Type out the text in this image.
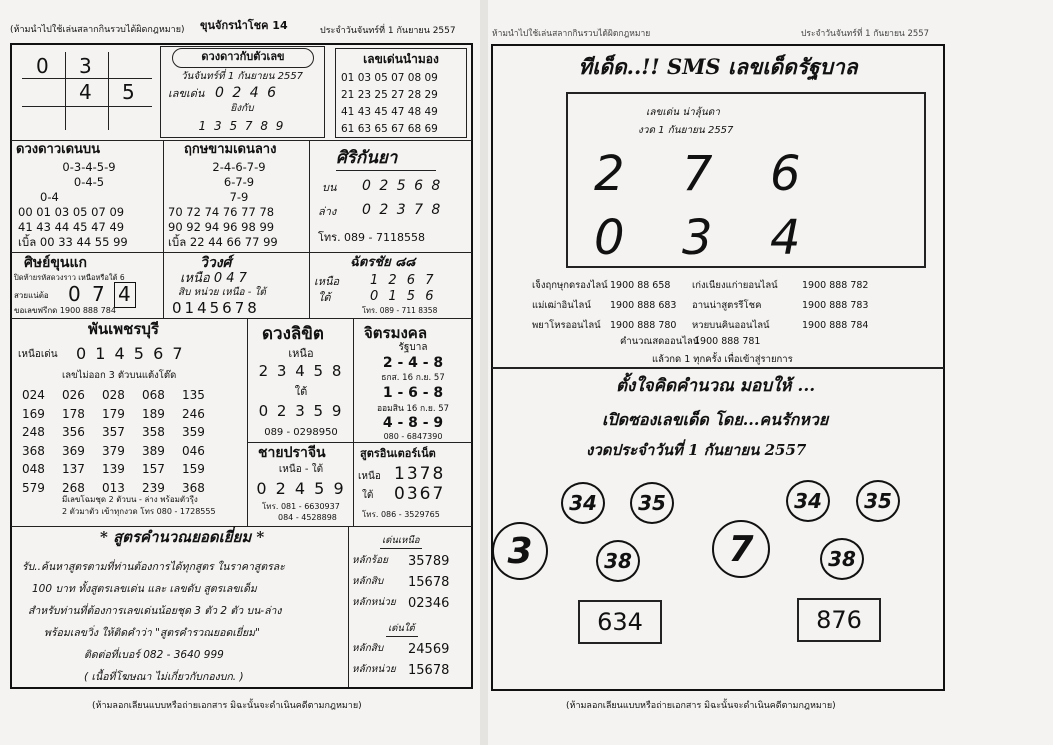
(ห้ามนำไปใช้เล่นสลากกินรวบได้ผิดกฎหมาย) ขุนจักรนำโชค 14	ประจำวันจันทร์ที่ 1 กันยายน 2557
0 3
4 5
ดวงดาวกับตัวเลข
วันจันทร์ที่ 1 กันยายน 2557
เลขเด่น 0 2 4 6
ยิงกับ
1 3 5 7 8 9
เลขเด่นนำมอง
01 03 05 07 08 09
21 23 25 27 28 29
41 43 45 47 48 49
61 63 65 67 68 69
ดวงดาวเดนบน
0-3-4-5-9
0-4-5
0-4
00 01 03 05 07 09
41 43 44 45 47 49
เบิ้ล 00 33 44 55 99
ฤกษขามเดนลาง
2-4-6-7-9
6-7-9
7-9
70 72 74 76 77 78
90 92 94 96 98 99
เบิ้ล 22 44 66 77 99
ศิริกันยา
บน 0 2 5 6 8
ล่าง 0 2 3 7 8
โทร. 089 - 7118558
ศิษย์ขุนแก
ปิดท้ายรหัสดวงราว เหนือหรือใต้ 6
สวยแน่ต้อ 0 7 4
ขอเลขฟรีกด 1900 888 784
วิวงศ์
เหนือ 0 4 7
สิบ หน่วย เหนือ - ใต้
0145678
ฉัตรชัย ๘๘
เหนือ 1 2 6 7
ใต้	0 1 5 6
โทร. 089 - 711 8358
พันเพชรบุรี
เหนือเด่น 0 1 4 5 6 7
เลขไม่ออก 3 ตัวบนแต้งโต๊ด
024	026	028	068	135
169	178	179	189	246
248	356	357	358	359
368	369	379	389	046
048	137	139	157	159
579	268	013	239	368
มีเลขโฉมชุด 2 ตัวบน - ล่าง พร้อมตัวรีุ่ง
2 ตัวมาตัว เข้าทุกงวด โทร 080 - 1728555
ดวงลิขิต
เหนือ
2 3 4 5 8
ใต้
0 2 3 5 9
089 - 0298950
จิตรมงคล
รัฐบาล
2 - 4 - 8
ธกส. 16 ก.ย. 57
1 - 6 - 8
ออมสิน 16 ก.ย. 57
4 - 8 - 9
080 - 6847390
ชายปราจีน
เหนือ - ใต้
0 2 4 5 9
โทร. 081 - 6630937
084 - 4528898
สูตรอินเตอร์เน็ต
เหนือ 1378
ใต้ 0367
โทร. 086 - 3529765
* สูตรคำนวณยอดเยี่ยม *
รับ..ค้นหาสูตรตามที่ท่านต้องการได้ทุกสูตร ในราคาสูตรละ
100 บาท ทั้งสูตรเลขเด่น และ เลขดับ สูตรเลขเด็ม
สำหรับท่านที่ต้องการเลขเด่นน้อยชุด 3 ตัว 2 ตัว บน-ล่าง
พร้อมเลขวิ่ง ให้ติดคำว่า "สูตรคำรวณยอดเยี่ยม"
ติดต่อที่เบอร์ 082 - 3640 999
( เนื้อที่โฆษณา ไม่เกี่ยวกับกองบก. )
เด่นเหนือ
หลักร้อย 35789
หลักสิบ 15678
หลักหน่วย 02346
เด่นใต้
หลักสิบ 24569
หลักหน่วย 15678
(ห้ามลอกเลียนแบบหรือถ่ายเอกสาร มิฉะนั้นจะดำเนินคดีตามกฎหมาย)
ห้ามนำไปใช้เล่นสลากกินรวบได้ผิดกฎหมาย	ประจำวันจันทร์ที่ 1 กันยายน 2557
ทีเด็ด..!! SMS เลขเด็ดรัฐบาล
เลขเด่น น่าลุ้นดา
งวด 1 กันยายน 2557
2 7 6
0 3 4
เจ็งฤกษุกดรองไลน์ 1900 88 658	เก่งเนียงแก่ายอนไลน์	1900 888 782
แม่เฒ่าอินไลน์	1900 888 683	อานน่าสูตรรีโชค	1900 888 783
พยาโหรออนไลน์ 1900 888 780	หวยบนคินออนไลน์	1900 888 784
คำนวณสดออนไลน์
1900 888 781
แล้วกด 1 ทุกครั้ง เพื่อเข้าสู่รายการ
ตั้งใจคิดคำนวณ มอบให้ ...
เปิดซองเลขเด็ด โดย...คนรักหวย
งวดประจำวันที่ 1 กันยายน 2557
3
34	35
38	7
34	35
38
634	876
(ห้ามลอกเลียนแบบหรือถ่ายเอกสาร มิฉะนั้นจะดำเนินคดีตามกฎหมาย)
